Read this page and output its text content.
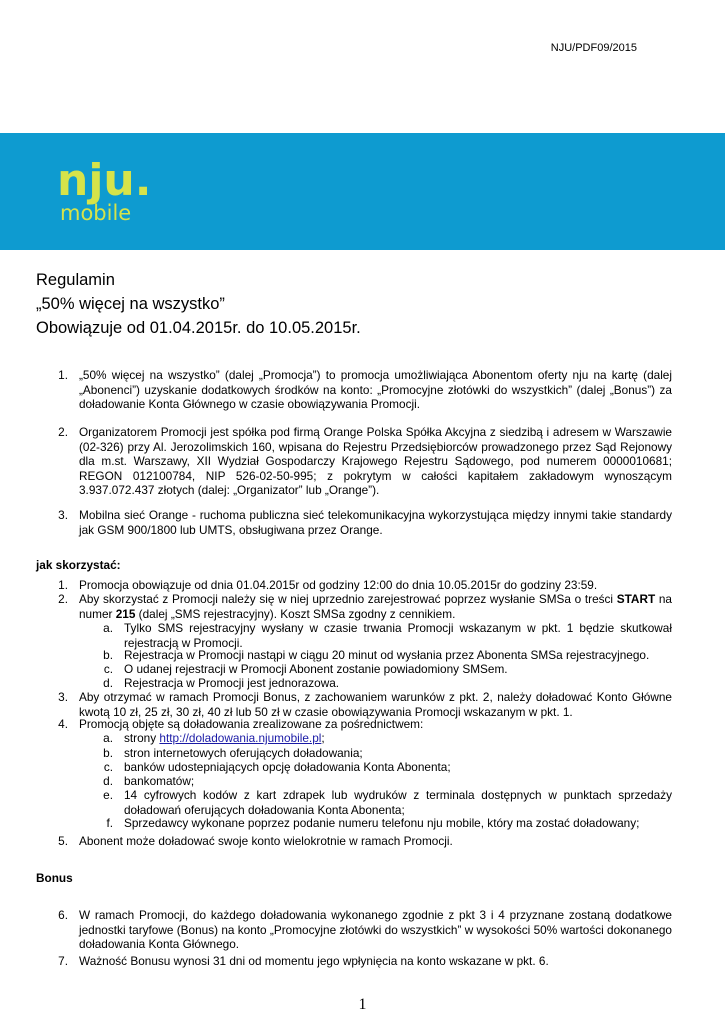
NJU/PDF09/2015
nju.
mobile
Regulamin
„50% więcej na wszystko”
Obowiązuje od 01.04.2015r. do 10.05.2015r.
1. „50% więcej na wszystko” (dalej „Promocja”) to promocja umożliwiająca Abonentom oferty nju na kartę (dalej „Abonenci”) uzyskanie dodatkowych środków na konto: „Promocyjne złotówki do wszystkich” (dalej „Bonus”) za doładowanie Konta Głównego w czasie obowiązywania Promocji.
2. Organizatorem Promocji jest spółka pod firmą Orange Polska Spółka Akcyjna z siedzibą i adresem w Warszawie (02-326) przy Al. Jerozolimskich 160, wpisana do Rejestru Przedsiębiorców prowadzonego przez Sąd Rejonowy dla m.st. Warszawy, XII Wydział Gospodarczy Krajowego Rejestru Sądowego, pod numerem 0000010681; REGON 012100784, NIP 526-02-50-995; z pokrytym w całości kapitałem zakładowym wynoszącym 3.937.072.437 złotych (dalej: „Organizator” lub „Orange”).
3. Mobilna sieć Orange - ruchoma publiczna sieć telekomunikacyjna wykorzystująca między innymi takie standardy jak GSM 900/1800 lub UMTS, obsługiwana przez Orange.
jak skorzystać:
1. Promocja obowiązuje od dnia 01.04.2015r od godziny 12:00 do dnia 10.05.2015r do godziny 23:59.
2. Aby skorzystać z Promocji należy się w niej uprzednio zarejestrować poprzez wysłanie SMSa o treści START na numer 215 (dalej „SMS rejestracyjny). Koszt SMSa zgodny z cennikiem.
a. Tylko SMS rejestracyjny wysłany w czasie trwania Promocji wskazanym w pkt. 1 będzie skutkował rejestracją w Promocji.
b. Rejestracja w Promocji nastąpi w ciągu 20 minut od wysłania przez Abonenta SMSa rejestracyjnego.
c. O udanej rejestracji w Promocji Abonent zostanie powiadomiony SMSem.
d. Rejestracja w Promocji jest jednorazowa.
3. Aby otrzymać w ramach Promocji Bonus, z zachowaniem warunków z pkt. 2, należy doładować Konto Główne kwotą 10 zł, 25 zł, 30 zł, 40 zł lub 50 zł w czasie obowiązywania Promocji wskazanym w pkt. 1.
4. Promocją objęte są doładowania zrealizowane za pośrednictwem:
a. strony http://doladowania.njumobile.pl;
b. stron internetowych oferujących doładowania;
c. banków udostepniających opcję doładowania Konta Abonenta;
d. bankomatów;
e. 14 cyfrowych kodów z kart zdrapek lub wydruków z terminala dostępnych w punktach sprzedaży doładowań oferujących doładowania Konta Abonenta;
f. Sprzedawcy wykonane poprzez podanie numeru telefonu nju mobile, który ma zostać doładowany;
5. Abonent może doładować swoje konto wielokrotnie w ramach Promocji.
Bonus
6. W ramach Promocji, do każdego doładowania wykonanego zgodnie z pkt 3 i 4 przyznane zostaną dodatkowe jednostki taryfowe (Bonus) na konto „Promocyjne złotówki do wszystkich” w wysokości 50% wartości dokonanego doładowania Konta Głównego.
7. Ważność Bonusu wynosi 31 dni od momentu jego wpłynięcia na konto wskazane w pkt. 6.
1
